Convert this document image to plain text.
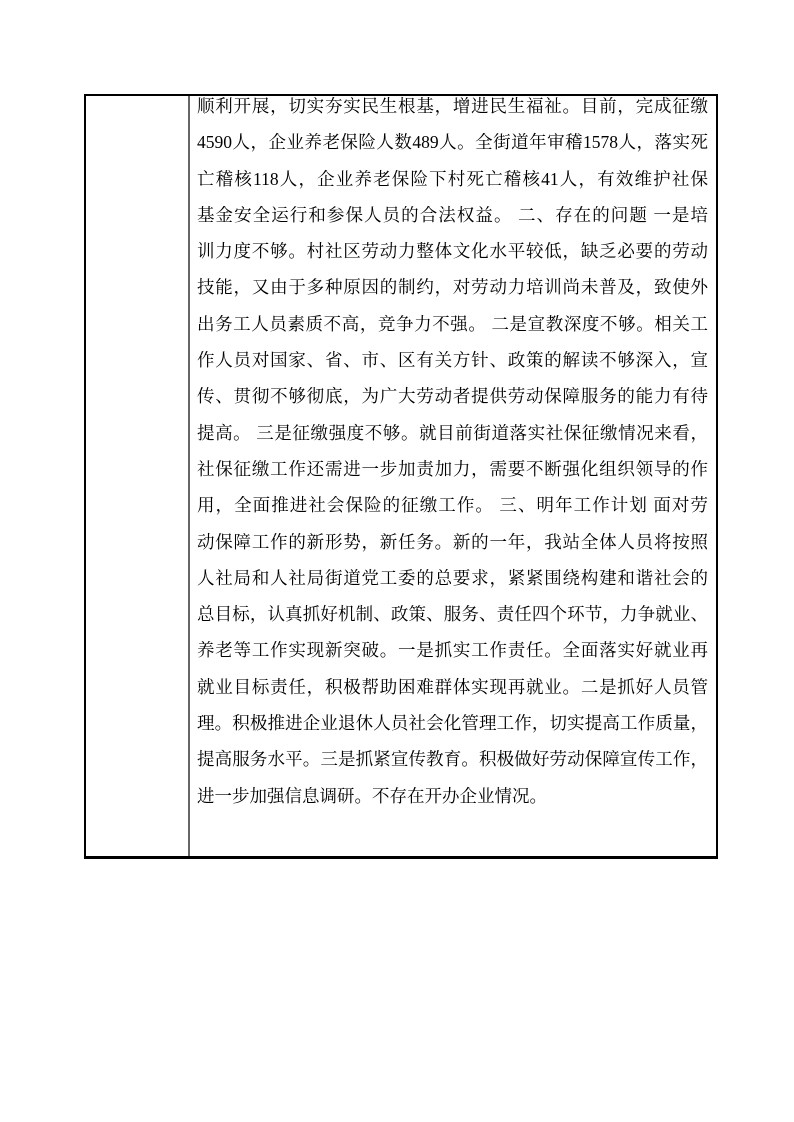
顺利开展，切实夯实民生根基，增进民生福祉。目前，完成征缴
4590人，企业养老保险人数489人。全街道年审稽1578人，落实死
亡稽核118人，企业养老保险下村死亡稽核41人，有效维护社保
基金安全运行和参保人员的合法权益。 二、存在的问题 一是培
训力度不够。村社区劳动力整体文化水平较低，缺乏必要的劳动
技能，又由于多种原因的制约，对劳动力培训尚未普及，致使外
出务工人员素质不高，竞争力不强。 二是宣教深度不够。相关工
作人员对国家、省、市、区有关方针、政策的解读不够深入，宣
传、贯彻不够彻底，为广大劳动者提供劳动保障服务的能力有待
提高。 三是征缴强度不够。就目前街道落实社保征缴情况来看，
社保征缴工作还需进一步加责加力，需要不断强化组织领导的作
用，全面推进社会保险的征缴工作。 三、明年工作计划 面对劳
动保障工作的新形势，新任务。新的一年，我站全体人员将按照
人社局和人社局街道党工委的总要求，紧紧围绕构建和谐社会的
总目标，认真抓好机制、政策、服务、责任四个环节，力争就业、
养老等工作实现新突破。一是抓实工作责任。全面落实好就业再
就业目标责任，积极帮助困难群体实现再就业。二是抓好人员管
理。积极推进企业退休人员社会化管理工作，切实提高工作质量，
提高服务水平。三是抓紧宣传教育。积极做好劳动保障宣传工作，
进一步加强信息调研。不存在开办企业情况。
